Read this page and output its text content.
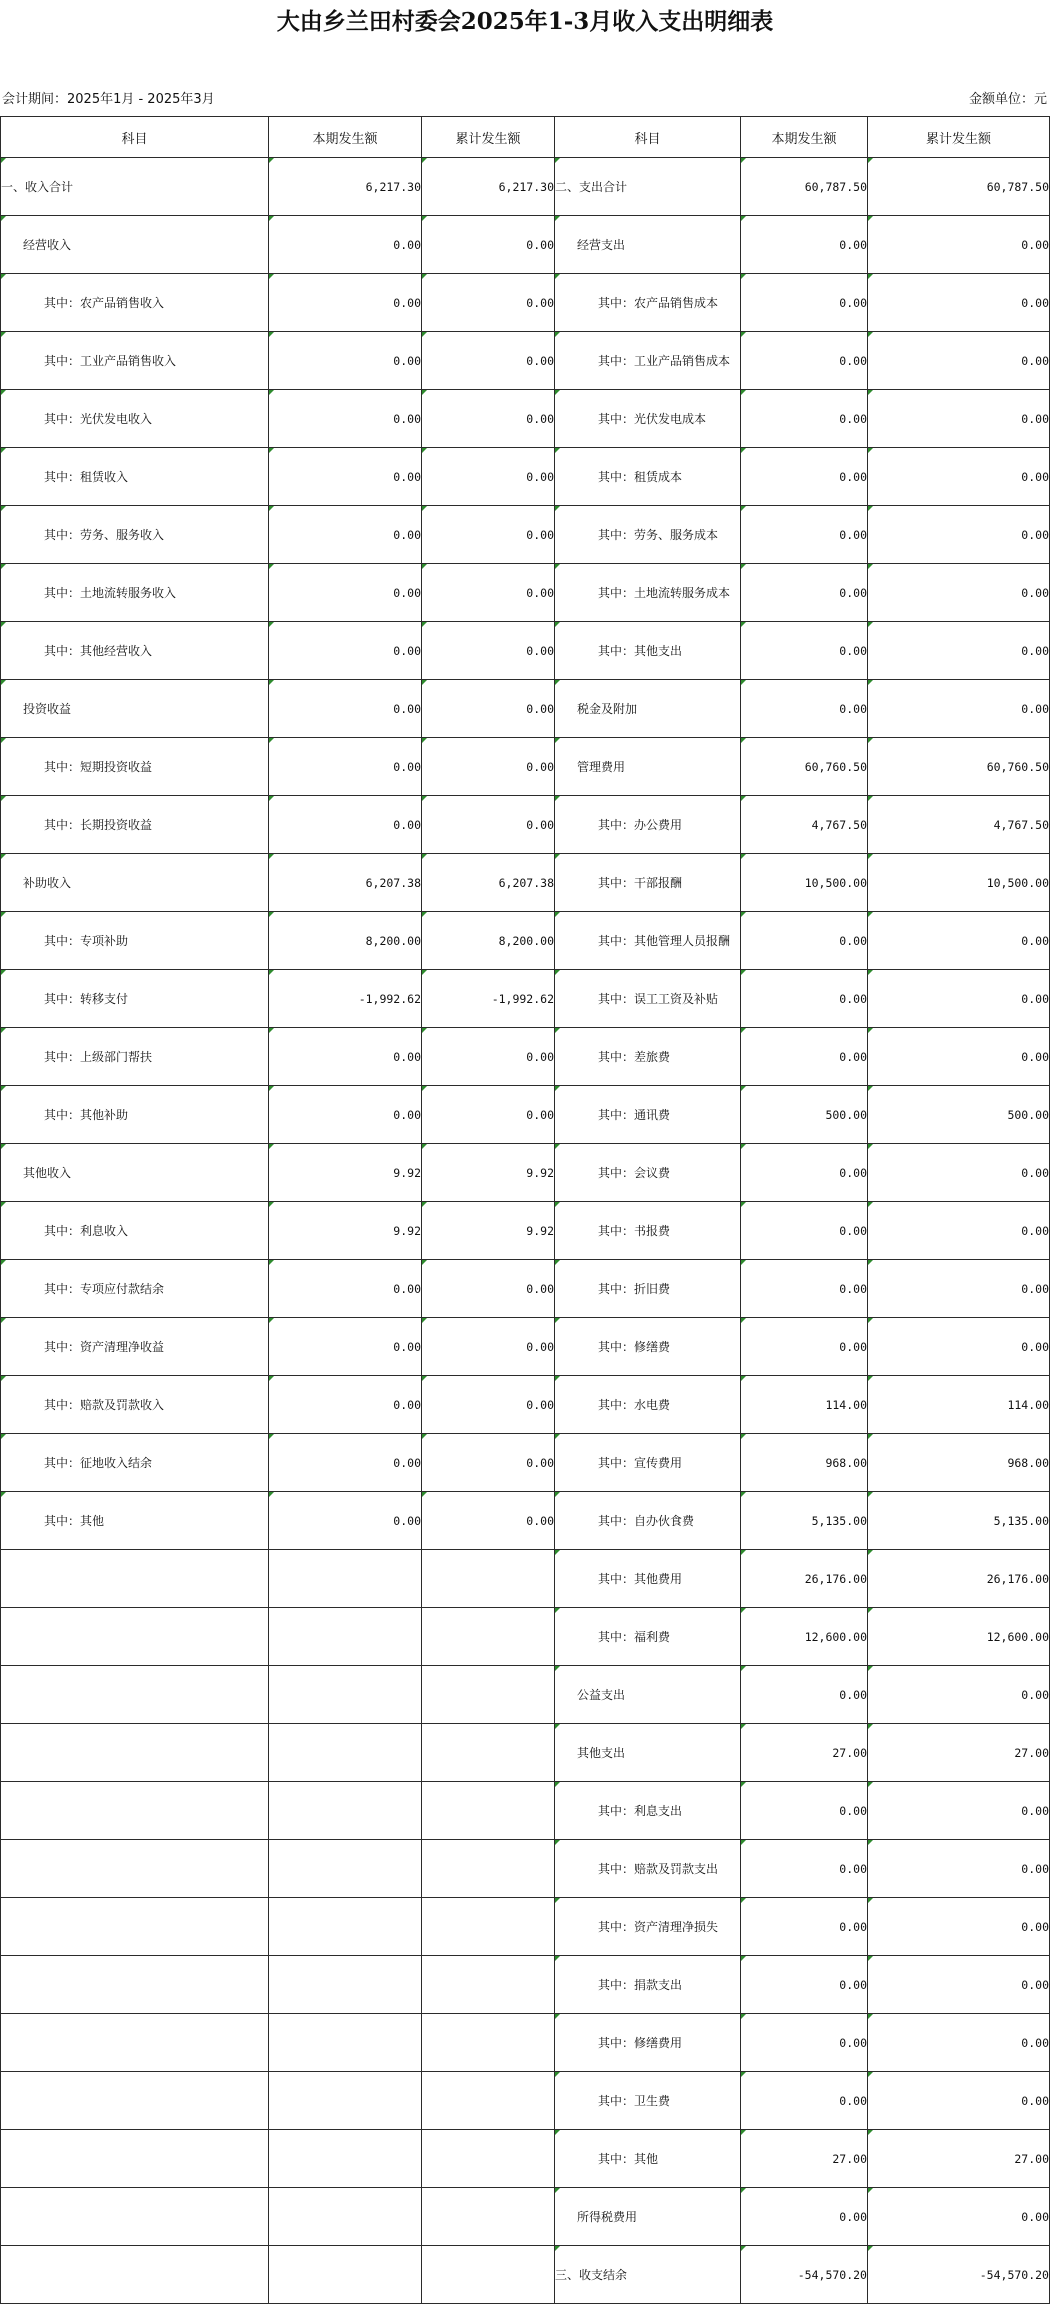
大由乡兰田村委会2025年1-3月收入支出明细表
会计期间：2025年1月 - 2025年3月	金额单位：元
科目	本期发生额	累计发生额	科目	本期发生额	累计发生额
一、收入合计	6,217.30	6,217.30	二、支出合计	60,787.50	60,787.50
经营收入	0.00	0.00	经营支出	0.00	0.00
其中：农产品销售收入	0.00	0.00	其中：农产品销售成本	0.00	0.00
其中：工业产品销售收入	0.00	0.00	其中：工业产品销售成本	0.00	0.00
其中：光伏发电收入	0.00	0.00	其中：光伏发电成本	0.00	0.00
其中：租赁收入	0.00	0.00	其中：租赁成本	0.00	0.00
其中：劳务、服务收入	0.00	0.00	其中：劳务、服务成本	0.00	0.00
其中：土地流转服务收入	0.00	0.00	其中：土地流转服务成本	0.00	0.00
其中：其他经营收入	0.00	0.00	其中：其他支出	0.00	0.00
投资收益	0.00	0.00	税金及附加	0.00	0.00
其中：短期投资收益	0.00	0.00	管理费用	60,760.50	60,760.50
其中：长期投资收益	0.00	0.00	其中：办公费用	4,767.50	4,767.50
补助收入	6,207.38	6,207.38	其中：干部报酬	10,500.00	10,500.00
其中：专项补助	8,200.00	8,200.00	其中：其他管理人员报酬	0.00	0.00
其中：转移支付	-1,992.62	-1,992.62	其中：误工工资及补贴	0.00	0.00
其中：上级部门帮扶	0.00	0.00	其中：差旅费	0.00	0.00
其中：其他补助	0.00	0.00	其中：通讯费	500.00	500.00
其他收入	9.92	9.92	其中：会议费	0.00	0.00
其中：利息收入	9.92	9.92	其中：书报费	0.00	0.00
其中：专项应付款结余	0.00	0.00	其中：折旧费	0.00	0.00
其中：资产清理净收益	0.00	0.00	其中：修缮费	0.00	0.00
其中：赔款及罚款收入	0.00	0.00	其中：水电费	114.00	114.00
其中：征地收入结余	0.00	0.00	其中：宣传费用	968.00	968.00
其中：其他	0.00	0.00	其中：自办伙食费	5,135.00	5,135.00
			其中：其他费用	26,176.00	26,176.00
			其中：福利费	12,600.00	12,600.00
			公益支出	0.00	0.00
			其他支出	27.00	27.00
			其中：利息支出	0.00	0.00
			其中：赔款及罚款支出	0.00	0.00
			其中：资产清理净损失	0.00	0.00
			其中：捐款支出	0.00	0.00
			其中：修缮费用	0.00	0.00
			其中：卫生费	0.00	0.00
			其中：其他	27.00	27.00
			所得税费用	0.00	0.00
			三、收支结余	-54,570.20	-54,570.20
